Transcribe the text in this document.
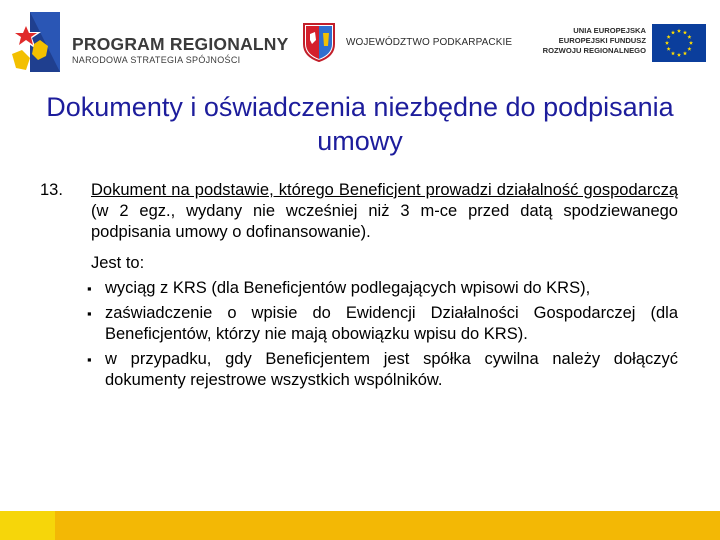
PROGRAM REGIONALNY
NARODOWA STRATEGIA SPÓJNOŚCI
WOJEWÓDZTWO PODKARPACKIE
UNIA EUROPEJSKA
EUROPEJSKI FUNDUSZ
ROZWOJU REGIONALNEGO
Dokumenty i oświadczenia niezbędne do podpisania umowy
13. Dokument na podstawie, którego Beneficjent prowadzi działalność gospodarczą (w 2 egz., wydany nie wcześniej niż 3 m-ce przed datą spodziewanego podpisania umowy o dofinansowanie).
Jest to:
▪ wyciąg z KRS (dla Beneficjentów podlegających wpisowi do KRS),
▪ zaświadczenie o wpisie do Ewidencji Działalności Gospodarczej (dla Beneficjentów, którzy nie mają obowiązku wpisu do KRS).
▪ w przypadku, gdy Beneficjentem jest spółka cywilna należy dołączyć dokumenty rejestrowe wszystkich wspólników.
